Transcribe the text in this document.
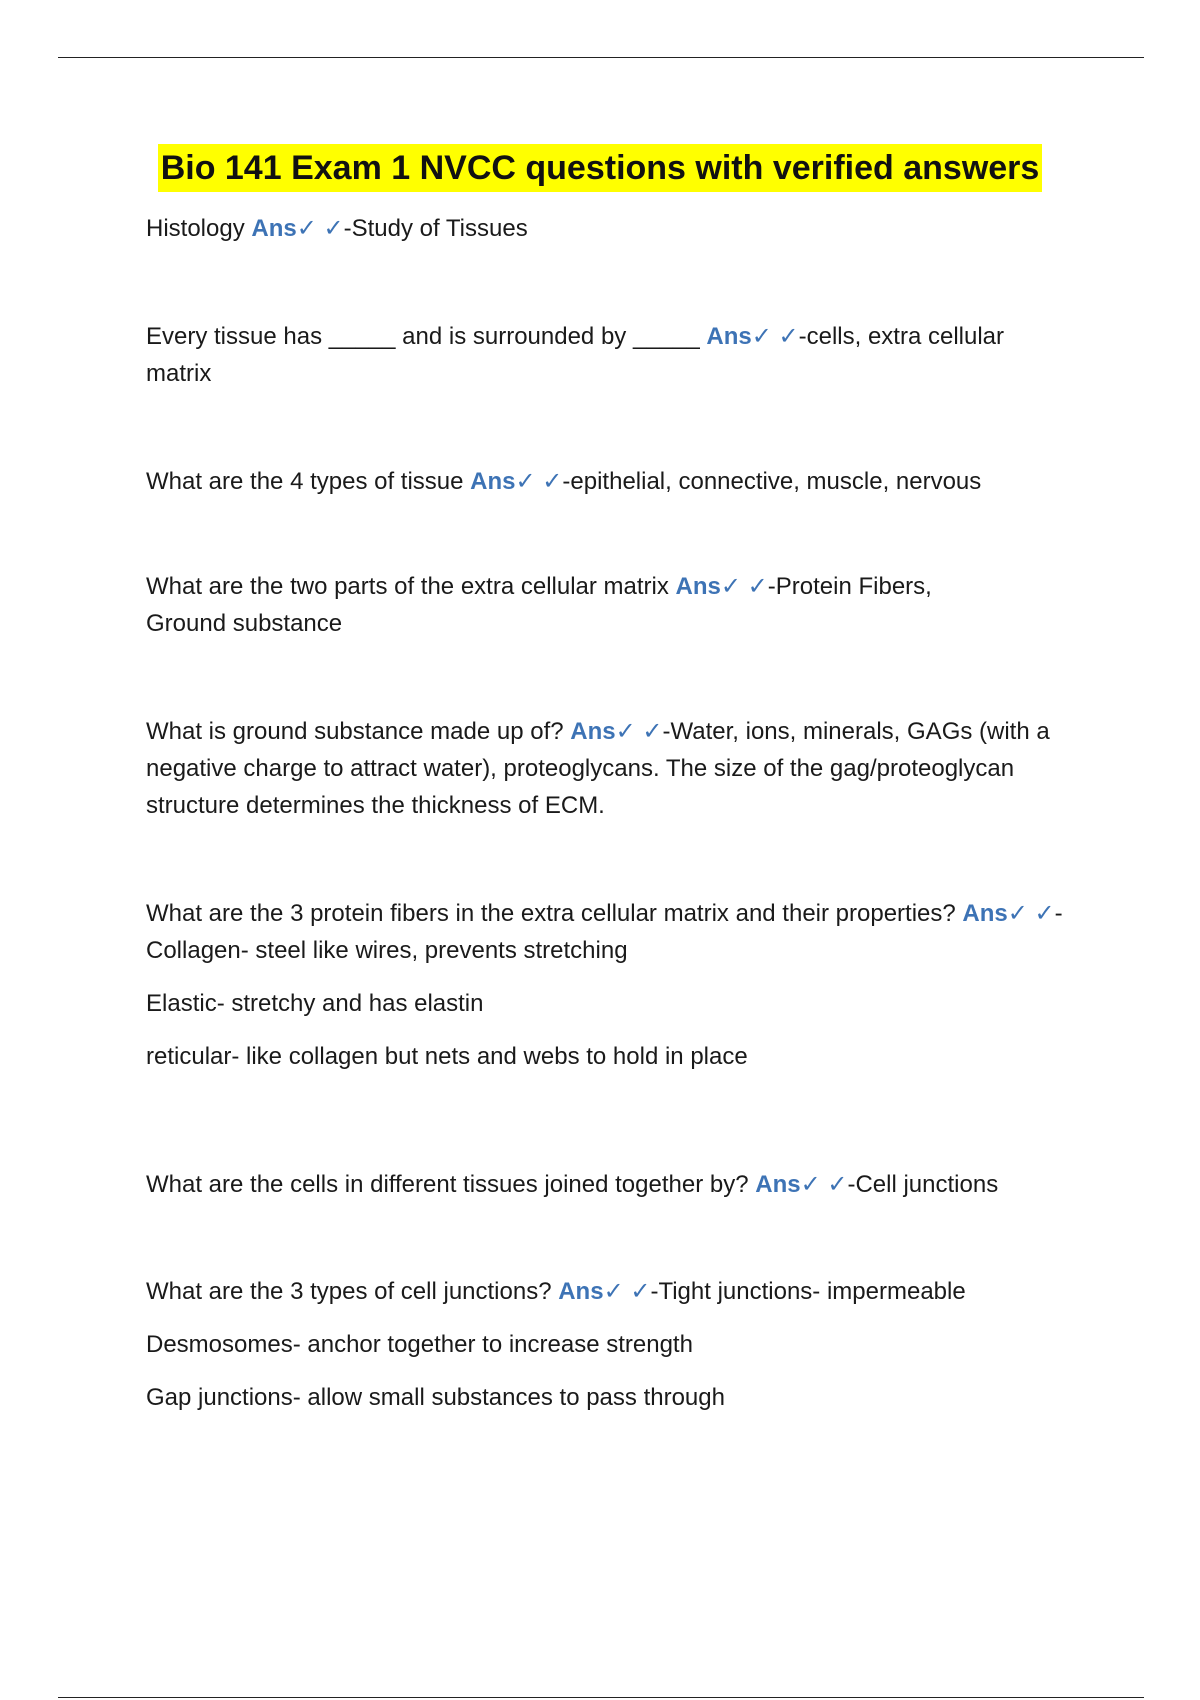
Bio 141 Exam 1 NVCC questions with verified answers

Histology Ans✓ ✓-Study of Tissues

Every tissue has _____ and is surrounded by _____ Ans✓ ✓-cells, extra cellular matrix

What are the 4 types of tissue Ans✓ ✓-epithelial, connective, muscle, nervous

What are the two parts of the extra cellular matrix Ans✓ ✓-Protein Fibers, Ground substance

What is ground substance made up of? Ans✓ ✓-Water, ions, minerals, GAGs (with a negative charge to attract water), proteoglycans. The size of the gag/proteoglycan structure determines the thickness of ECM.

What are the 3 protein fibers in the extra cellular matrix and their properties? Ans✓ ✓-Collagen- steel like wires, prevents stretching

Elastic- stretchy and has elastin

reticular- like collagen but nets and webs to hold in place

What are the cells in different tissues joined together by? Ans✓ ✓-Cell junctions

What are the 3 types of cell junctions? Ans✓ ✓-Tight junctions- impermeable

Desmosomes- anchor together to increase strength

Gap junctions- allow small substances to pass through
